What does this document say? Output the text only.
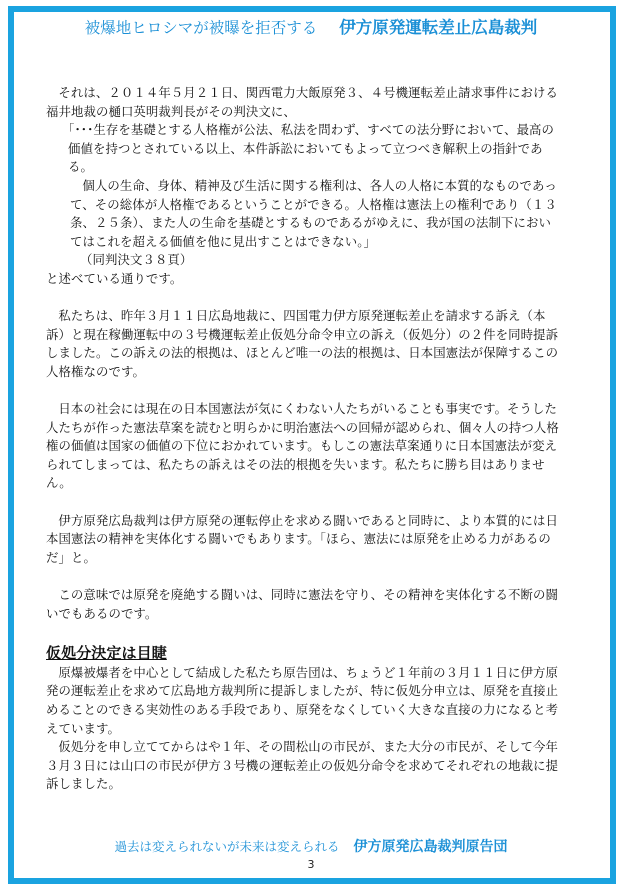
被爆地ヒロシマが被曝を拒否する 伊方原発運転差止広島裁判

それは、２０１４年５月２１日、関西電力大飯原発３、４号機運転差止請求事件における福井地裁の樋口英明裁判長がその判決文に、

「･･･生存を基礎とする人格権が公法、私法を問わず、すべての法分野において、最高の価値を持つとされている以上、本件訴訟においてもよって立つべき解釈上の指針である。

個人の生命、身体、精神及び生活に関する権利は、各人の人格に本質的なものであって、その総体が人格権であるということができる。人格権は憲法上の権利であり（１３条、２５条）、また人の生命を基礎とするものであるがゆえに、我が国の法制下においてはこれを超える価値を他に見出すことはできない。」

（同判決文３８頁）

と述べている通りです。

私たちは、昨年３月１１日広島地裁に、四国電力伊方原発運転差止を請求する訴え（本訴）と現在稼働運転中の３号機運転差止仮処分命令申立の訴え（仮処分）の２件を同時提訴しました。この訴えの法的根拠は、ほとんど唯一の法的根拠は、日本国憲法が保障するこの人格権なのです。

日本の社会には現在の日本国憲法が気にくわない人たちがいることも事実です。そうした人たちが作った憲法草案を読むと明らかに明治憲法への回帰が認められ、個々人の持つ人格権の価値は国家の価値の下位におかれています。もしこの憲法草案通りに日本国憲法が変えられてしまっては、私たちの訴えはその法的根拠を失います。私たちに勝ち目はありません。

伊方原発広島裁判は伊方原発の運転停止を求める闘いであると同時に、より本質的には日本国憲法の精神を実体化する闘いでもあります。｢ほら、憲法には原発を止める力があるのだ」と。

この意味では原発を廃絶する闘いは、同時に憲法を守り、その精神を実体化する不断の闘いでもあるのです。

仮処分決定は目睫

原爆被爆者を中心として結成した私たち原告団は、ちょうど１年前の３月１１日に伊方原発の運転差止を求めて広島地方裁判所に提訴しましたが、特に仮処分申立は、原発を直接止めることのできる実効性のある手段であり、原発をなくしていく大きな直接の力になると考えています。

仮処分を申し立ててからはや１年、その間松山の市民が、また大分の市民が、そして今年３月３日には山口の市民が伊方３号機の運転差止の仮処分命令を求めてそれぞれの地裁に提訴しました。

過去は変えられないが未来は変えられる 伊方原発広島裁判原告団
3
